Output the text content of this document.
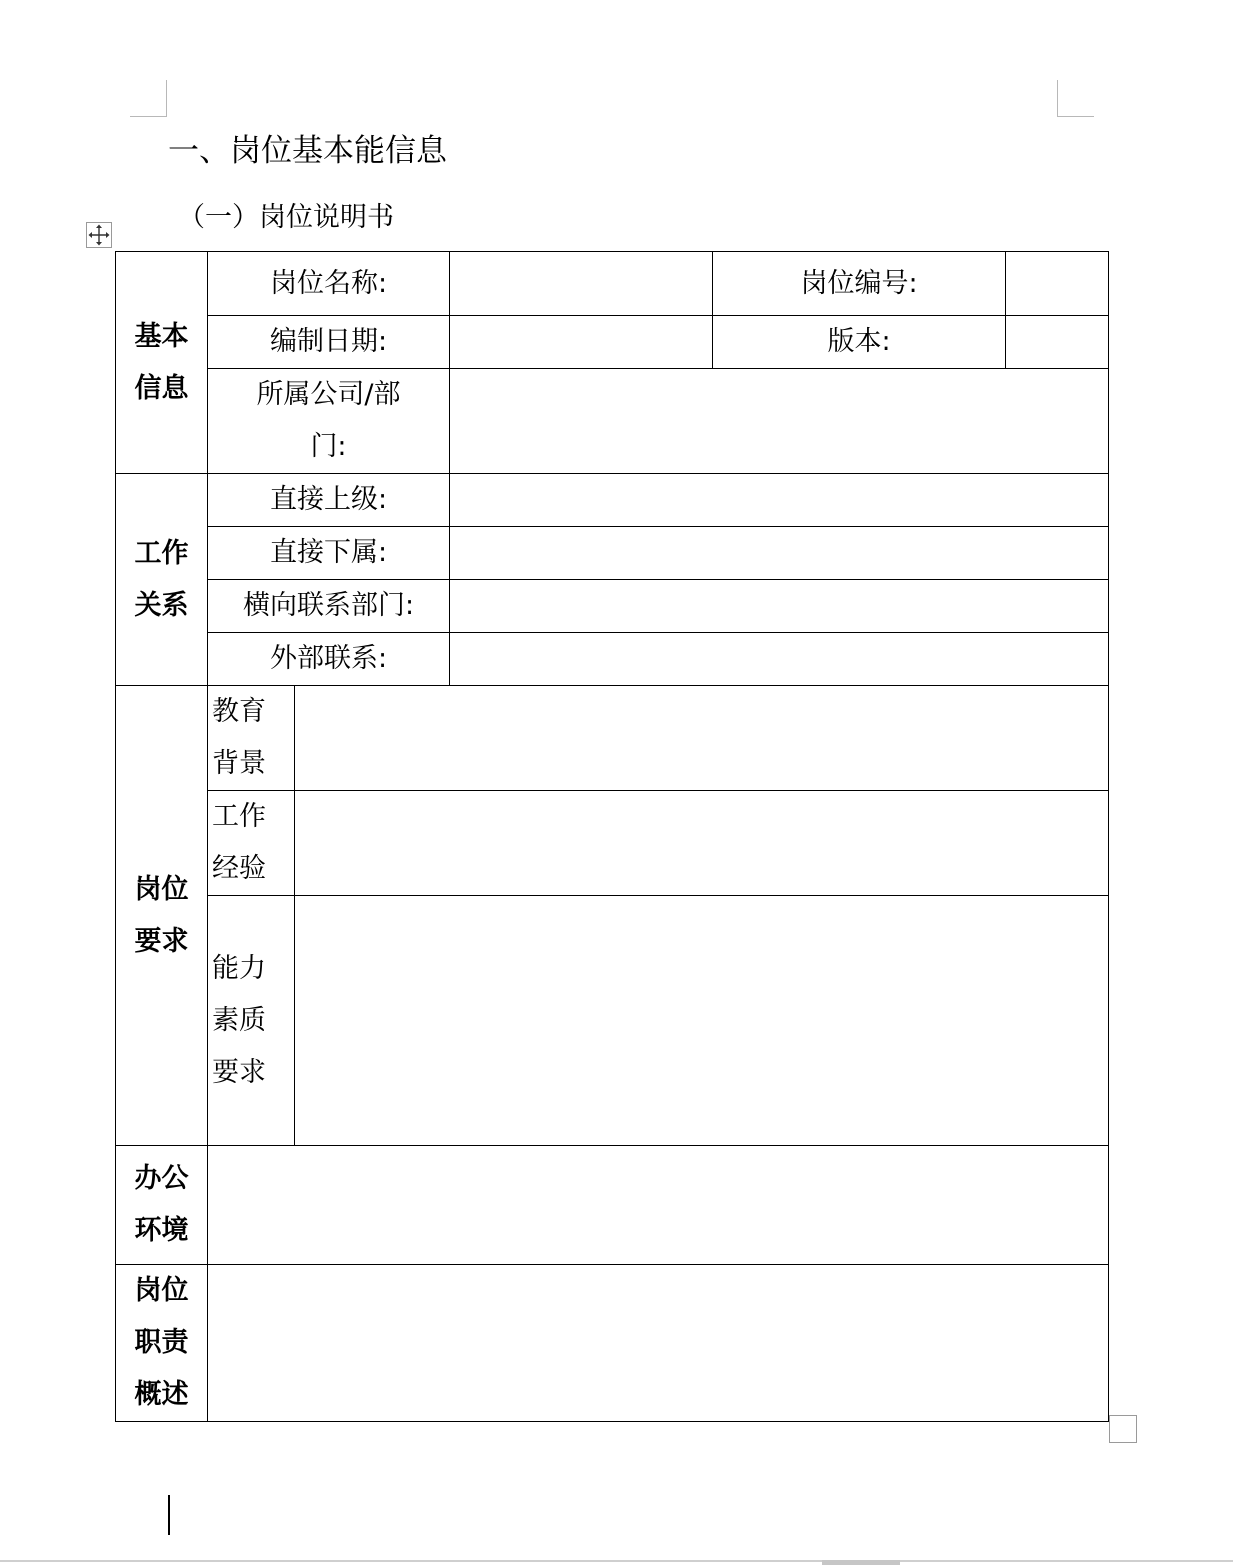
一、岗位基本能信息
（一）岗位说明书
基本信息	岗位名称:			岗位编号:	
	编制日期:			版本:	
	所属公司/部门:				
工作关系	直接上级:				
	直接下属:				
	横向联系部门:				
	外部联系:				
岗位要求	教育背景				
	工作经验				
	能力素质要求				
办公环境					
岗位职责概述					
